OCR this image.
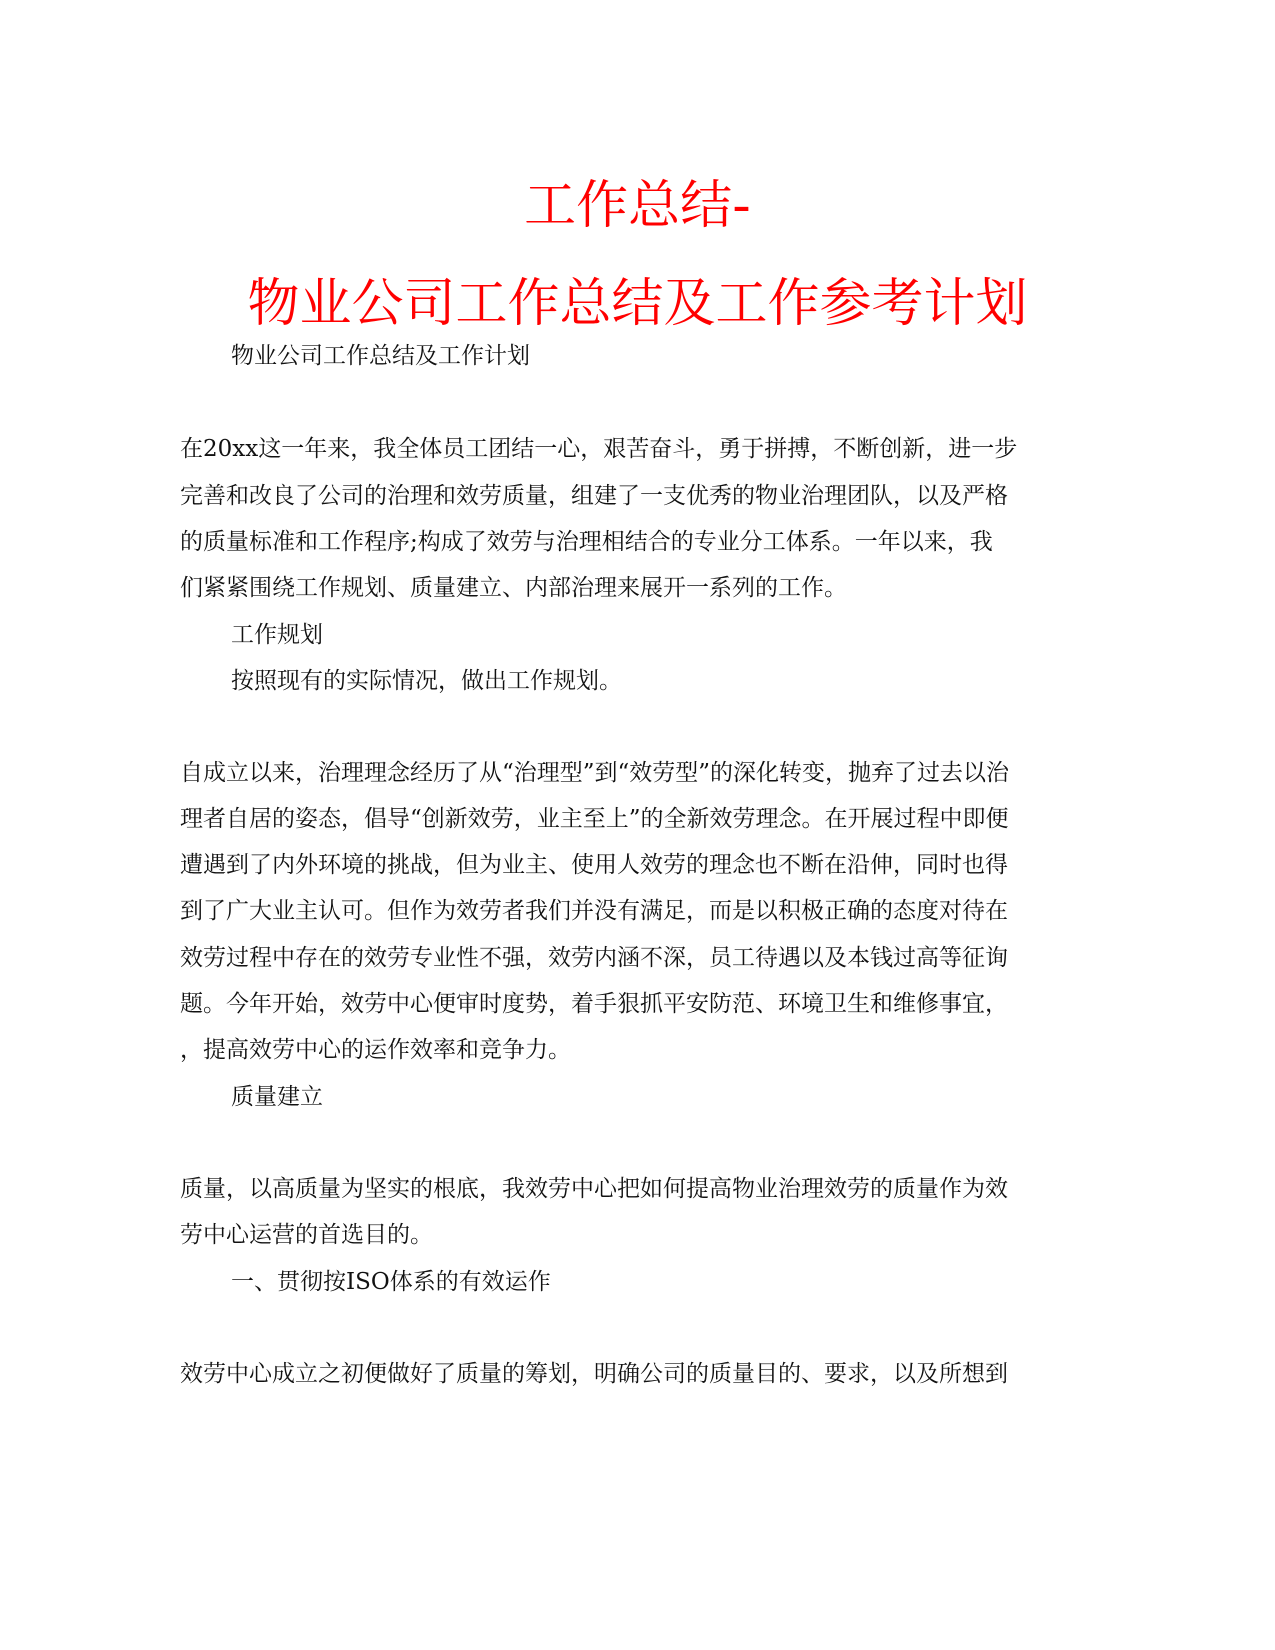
工作总结-
物业公司工作总结及工作参考计划
物业公司工作总结及工作计划
在20xx这一年来，我全体员工团结一心，艰苦奋斗，勇于拼搏，不断创新，进一步
完善和改良了公司的治理和效劳质量，组建了一支优秀的物业治理团队，以及严格
的质量标准和工作程序;构成了效劳与治理相结合的专业分工体系。一年以来，我
们紧紧围绕工作规划、质量建立、内部治理来展开一系列的工作。
工作规划
按照现有的实际情况，做出工作规划。
自成立以来，治理理念经历了从“治理型”到“效劳型”的深化转变，抛弃了过去以治
理者自居的姿态，倡导“创新效劳，业主至上”的全新效劳理念。在开展过程中即便
遭遇到了内外环境的挑战，但为业主、使用人效劳的理念也不断在沿伸，同时也得
到了广大业主认可。但作为效劳者我们并没有满足，而是以积极正确的态度对待在
效劳过程中存在的效劳专业性不强，效劳内涵不深，员工待遇以及本钱过高等征询
题。今年开始，效劳中心便审时度势，着手狠抓平安防范、环境卫生和维修事宜，
，提高效劳中心的运作效率和竞争力。
质量建立
质量，以高质量为坚实的根底，我效劳中心把如何提高物业治理效劳的质量作为效
劳中心运营的首选目的。
一、贯彻按ISO体系的有效运作
效劳中心成立之初便做好了质量的筹划，明确公司的质量目的、要求，以及所想到
